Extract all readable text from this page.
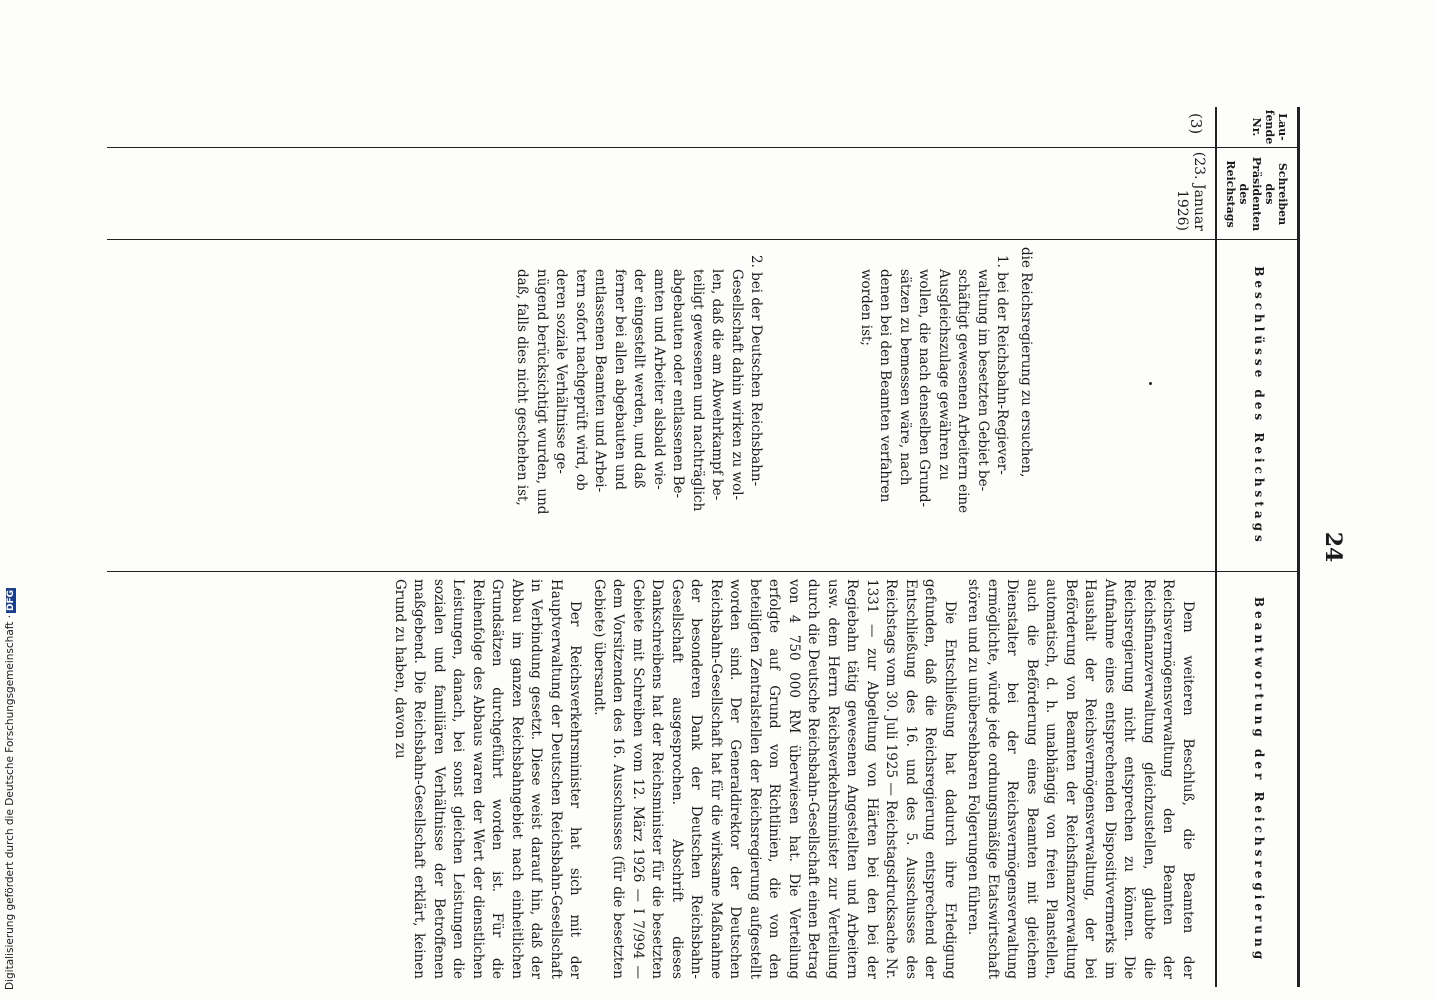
24
Lau-
fende
Nr.
Schreiben
des
Präsidenten
des
Reichstags
Beschlüsse des Reichstags
Beantwortung der Reichsregierung
(3)
(23. Januar
1926)

die Reichsregierung zu ersuchen,

1. bei der Reichsbahn-Regiever-
waltung im besetzten Gebiet be-
schäftigt gewesenen Arbeitern eine
Ausgleichszulage gewähren zu
wollen, die nach denselben Grund-
sätzen zu bemessen wäre, nach
denen bei den Beamten verfahren
worden ist;

2. bei der Deutschen Reichsbahn-
Gesellschaft dahin wirken zu wol-
len, daß die am Abwehrkampf be-
teiligt gewesenen und nachträglich
abgebauten oder entlassenen Be-
amten und Arbeiter alsbald wie-
der eingestellt werden, und daß
ferner bei allen abgebauten und
entlassenen Beamten und Arbei-
tern sofort nachgeprüft wird, ob
deren soziale Verhältnisse ge-
nügend berücksichtigt wurden, und
daß, falls dies nicht geschehen ist,

Dem weiteren Beschluß, die Beamten der Reichsvermögensverwaltung den Beamten der Reichsfinanzverwaltung gleichzustellen, glaubte die Reichsregierung nicht entsprechen zu können. Die Aufnahme eines entsprechenden Dispositivvermerks im Haushalt der Reichsvermögensverwaltung, der bei Beförderung von Beamten der Reichsfinanzverwaltung automatisch, d. h. unabhängig von freien Planstellen, auch die Beförderung eines Beamten mit gleichem Dienstalter bei der Reichsvermögensverwaltung ermöglichte, würde jede ordnungsmäßige Etatswirtschaft stören und zu unübersehbaren Folgerungen führen.

Die Entschließung hat dadurch ihre Erledigung gefunden, daß die Reichsregierung entsprechend der Entschließung des 16. und des 5. Ausschusses des Reichstags vom 30. Juli 1925 — Reichstagsdrucksache Nr. 1331 — zur Abgeltung von Härten bei den bei der Regiebahn tätig gewesenen Angestellten und Arbeitern usw. dem Herrn Reichsverkehrsminister zur Verteilung durch die Deutsche Reichsbahn-Gesellschaft einen Betrag von 4 750 000 RM überwiesen hat. Die Verteilung erfolgte auf Grund von Richtlinien, die von den beteiligten Zentralstellen der Reichsregierung aufgestellt worden sind. Der Generaldirektor der Deutschen Reichsbahn-Gesellschaft hat für die wirksame Maßnahme der besonderen Dank der Deutschen Reichsbahn-Gesellschaft ausgesprochen. Abschrift dieses Dankschreibens hat der Reichsminister für die besetzten Gebiete mit Schreiben vom 12. März 1926 — I 7/994 — dem Vorsitzenden des 16. Ausschusses (für die besetzten Gebiete) übersandt.

Der Reichsverkehrsminister hat sich mit der Hauptverwaltung der Deutschen Reichsbahn-Gesellschaft in Verbindung gesetzt. Diese weist darauf hin, daß der Abbau im ganzen Reichsbahngebiet nach einheitlichen Grundsätzen durchgeführt worden ist. Für die Reihenfolge des Abbaus waren der Wert der dienstlichen Leistungen, danach, bei sonst gleichen Leistungen die sozialen und familiären Verhältnisse der Betroffenen maßgebend. Die Reichsbahn-Gesellschaft erklärt, keinen Grund zu haben, davon zu

Digitalisierung gefördert durch die Deutsche Forschungsgemeinschaft ·DFG
